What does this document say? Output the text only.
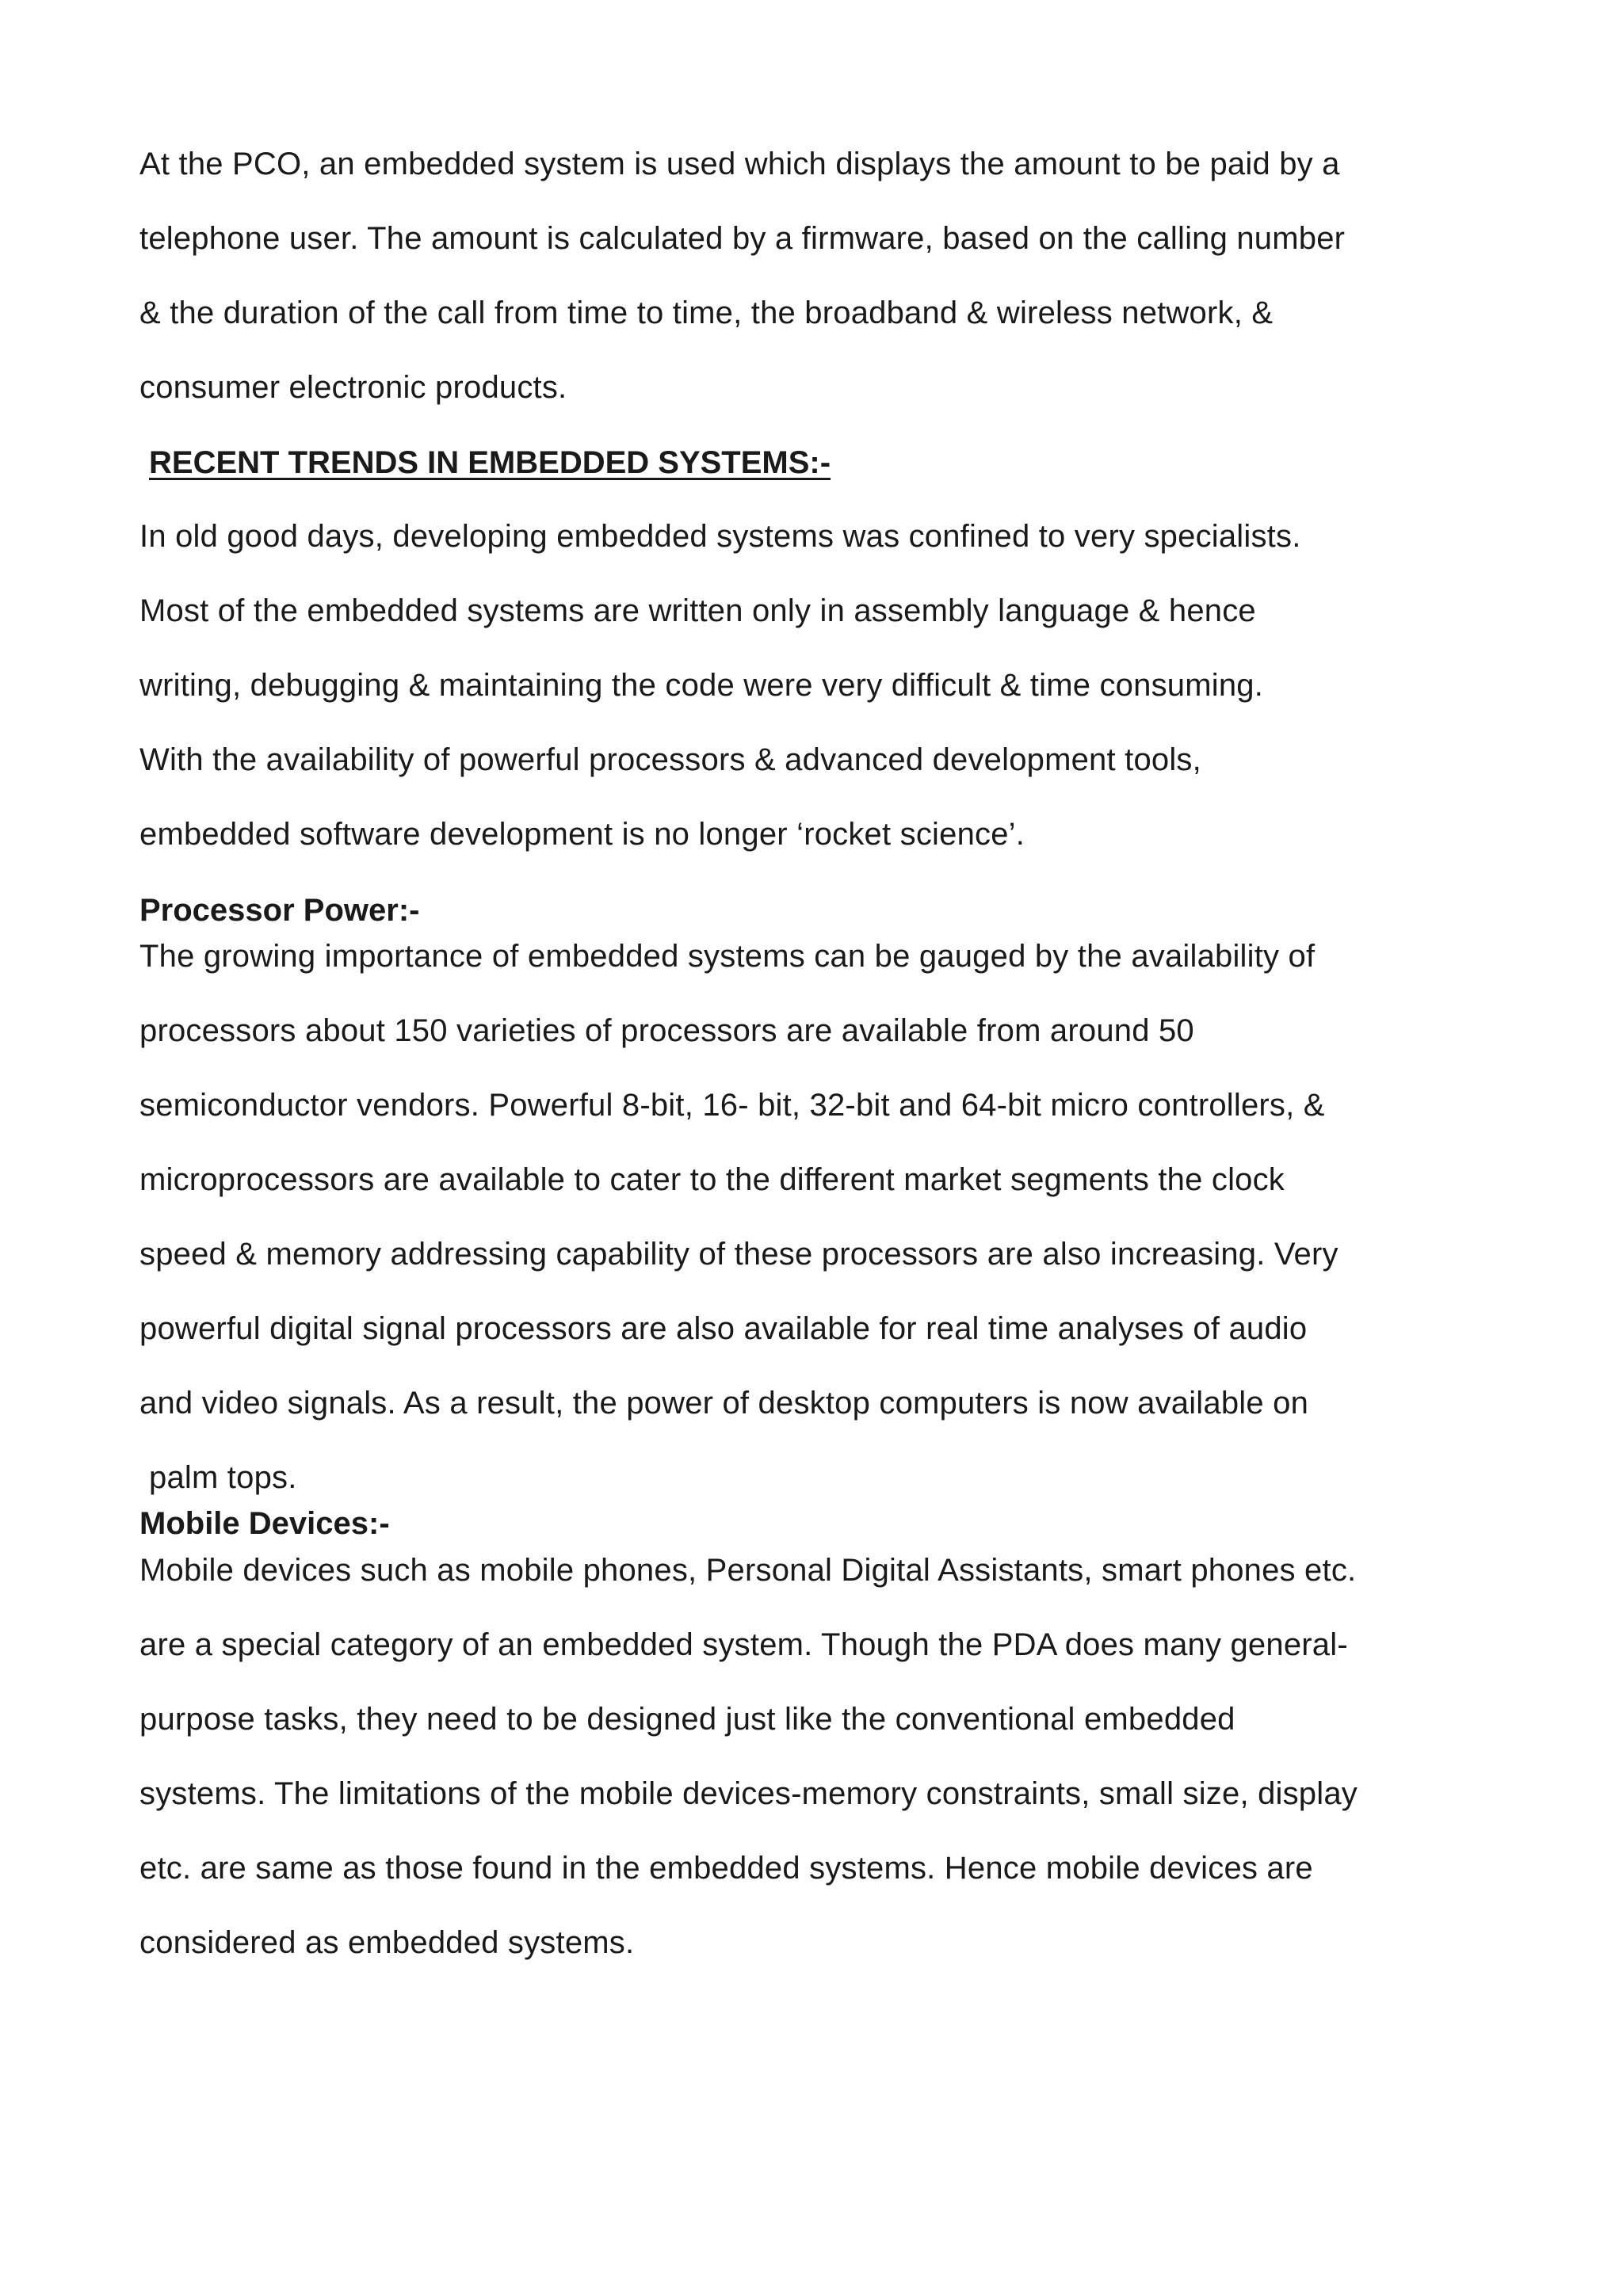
At the PCO, an embedded system is used which displays the amount to be paid by a
telephone user. The amount is calculated by a firmware, based on the calling number
& the duration of the call from time to time, the broadband & wireless network, &
consumer electronic products.
RECENT TRENDS IN EMBEDDED SYSTEMS:-
In old good days, developing embedded systems was confined to very specialists.
Most of the embedded systems are written only in assembly language & hence
writing, debugging & maintaining the code were very difficult & time consuming.
With the availability of powerful processors & advanced development tools,
embedded software development is no longer ‘rocket science’.
Processor Power:-
The growing importance of embedded systems can be gauged by the availability of
processors about 150 varieties of processors are available from around 50
semiconductor vendors. Powerful 8-bit, 16- bit, 32-bit and 64-bit micro controllers, &
microprocessors are available to cater to the different market segments the clock
speed & memory addressing capability of these processors are also increasing. Very
powerful digital signal processors are also available for real time analyses of audio
and video signals. As a result, the power of desktop computers is now available on
palm tops.
Mobile Devices:-
Mobile devices such as mobile phones, Personal Digital Assistants, smart phones etc.
are a special category of an embedded system. Though the PDA does many general-
purpose tasks, they need to be designed just like the conventional embedded
systems. The limitations of the mobile devices-memory constraints, small size, display
etc. are same as those found in the embedded systems. Hence mobile devices are
considered as embedded systems.
